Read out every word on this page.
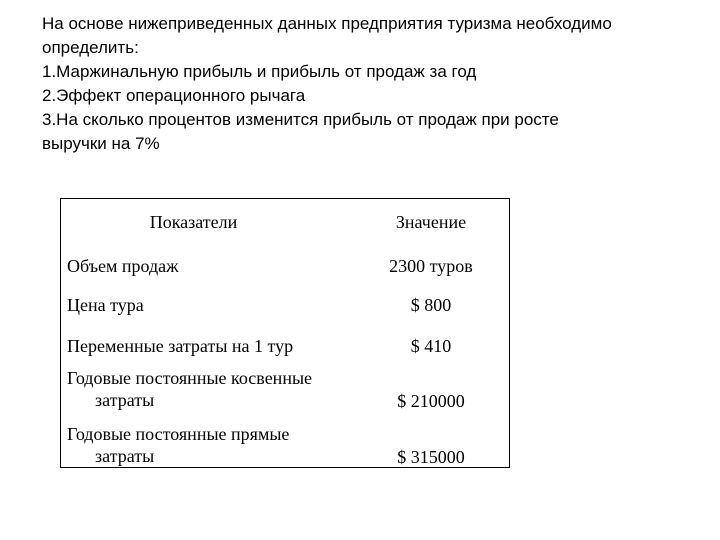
На основе нижеприведенных данных предприятия туризма необходимо
определить:
1.Маржинальную прибыль и прибыль от продаж за год
2.Эффект операционного рычага
3.На сколько процентов изменится прибыль от продаж при росте
выручки на 7%
Показатели	Значение
Объем продаж	2300 туров
Цена тура	$ 800
Переменные затраты на 1 тур	$ 410
Годовые постоянные косвенные
затраты	$ 210000
Годовые постоянные прямые
затраты	$ 315000
